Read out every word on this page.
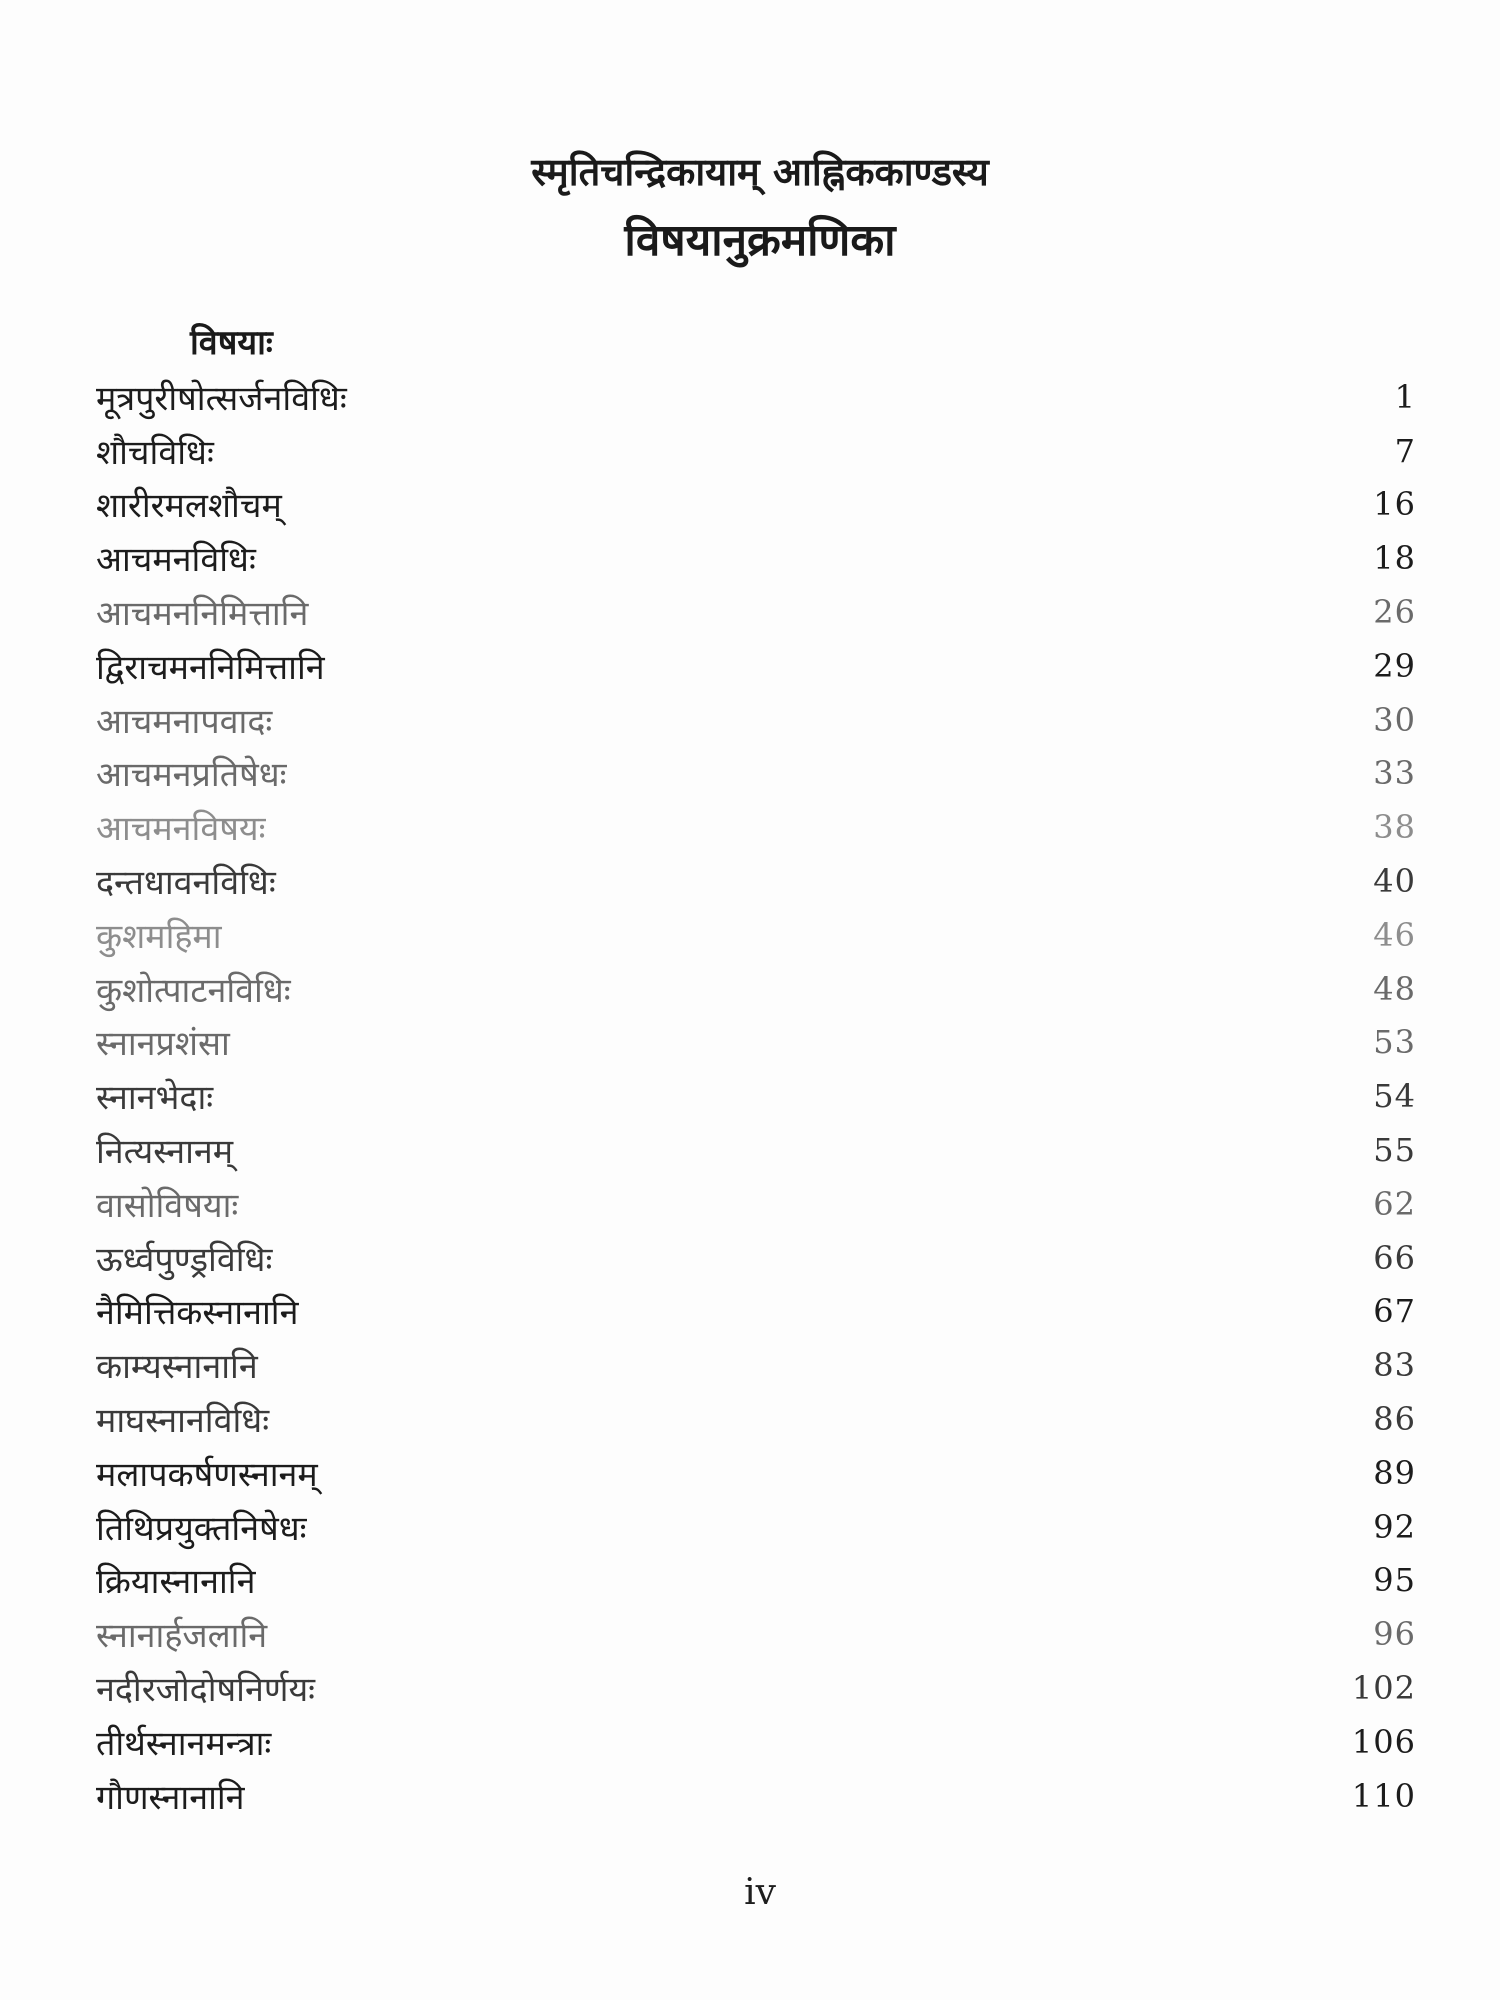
स्मृतिचन्द्रिकायाम् आह्निककाण्डस्य
विषयानुक्रमणिका
विषयाः
मूत्रपुरीषोत्सर्जनविधिः	1
शौचविधिः	7
शारीरमलशौचम्	16
आचमनविधिः	18
आचमननिमित्तानि	26
द्विराचमननिमित्तानि	29
आचमनापवादः	30
आचमनप्रतिषेधः	33
आचमनविषयः	38
दन्तधावनविधिः	40
कुशमहिमा	46
कुशोत्पाटनविधिः	48
स्नानप्रशंसा	53
स्नानभेदाः	54
नित्यस्नानम्	55
वासोविषयाः	62
ऊर्ध्वपुण्ड्रविधिः	66
नैमित्तिकस्नानानि	67
काम्यस्नानानि	83
माघस्नानविधिः	86
मलापकर्षणस्नानम्	89
तिथिप्रयुक्तनिषेधः	92
क्रियास्नानानि	95
स्नानार्हजलानि	96
नदीरजोदोषनिर्णयः	102
तीर्थस्नानमन्त्राः	106
गौणस्नानानि	110
iv
